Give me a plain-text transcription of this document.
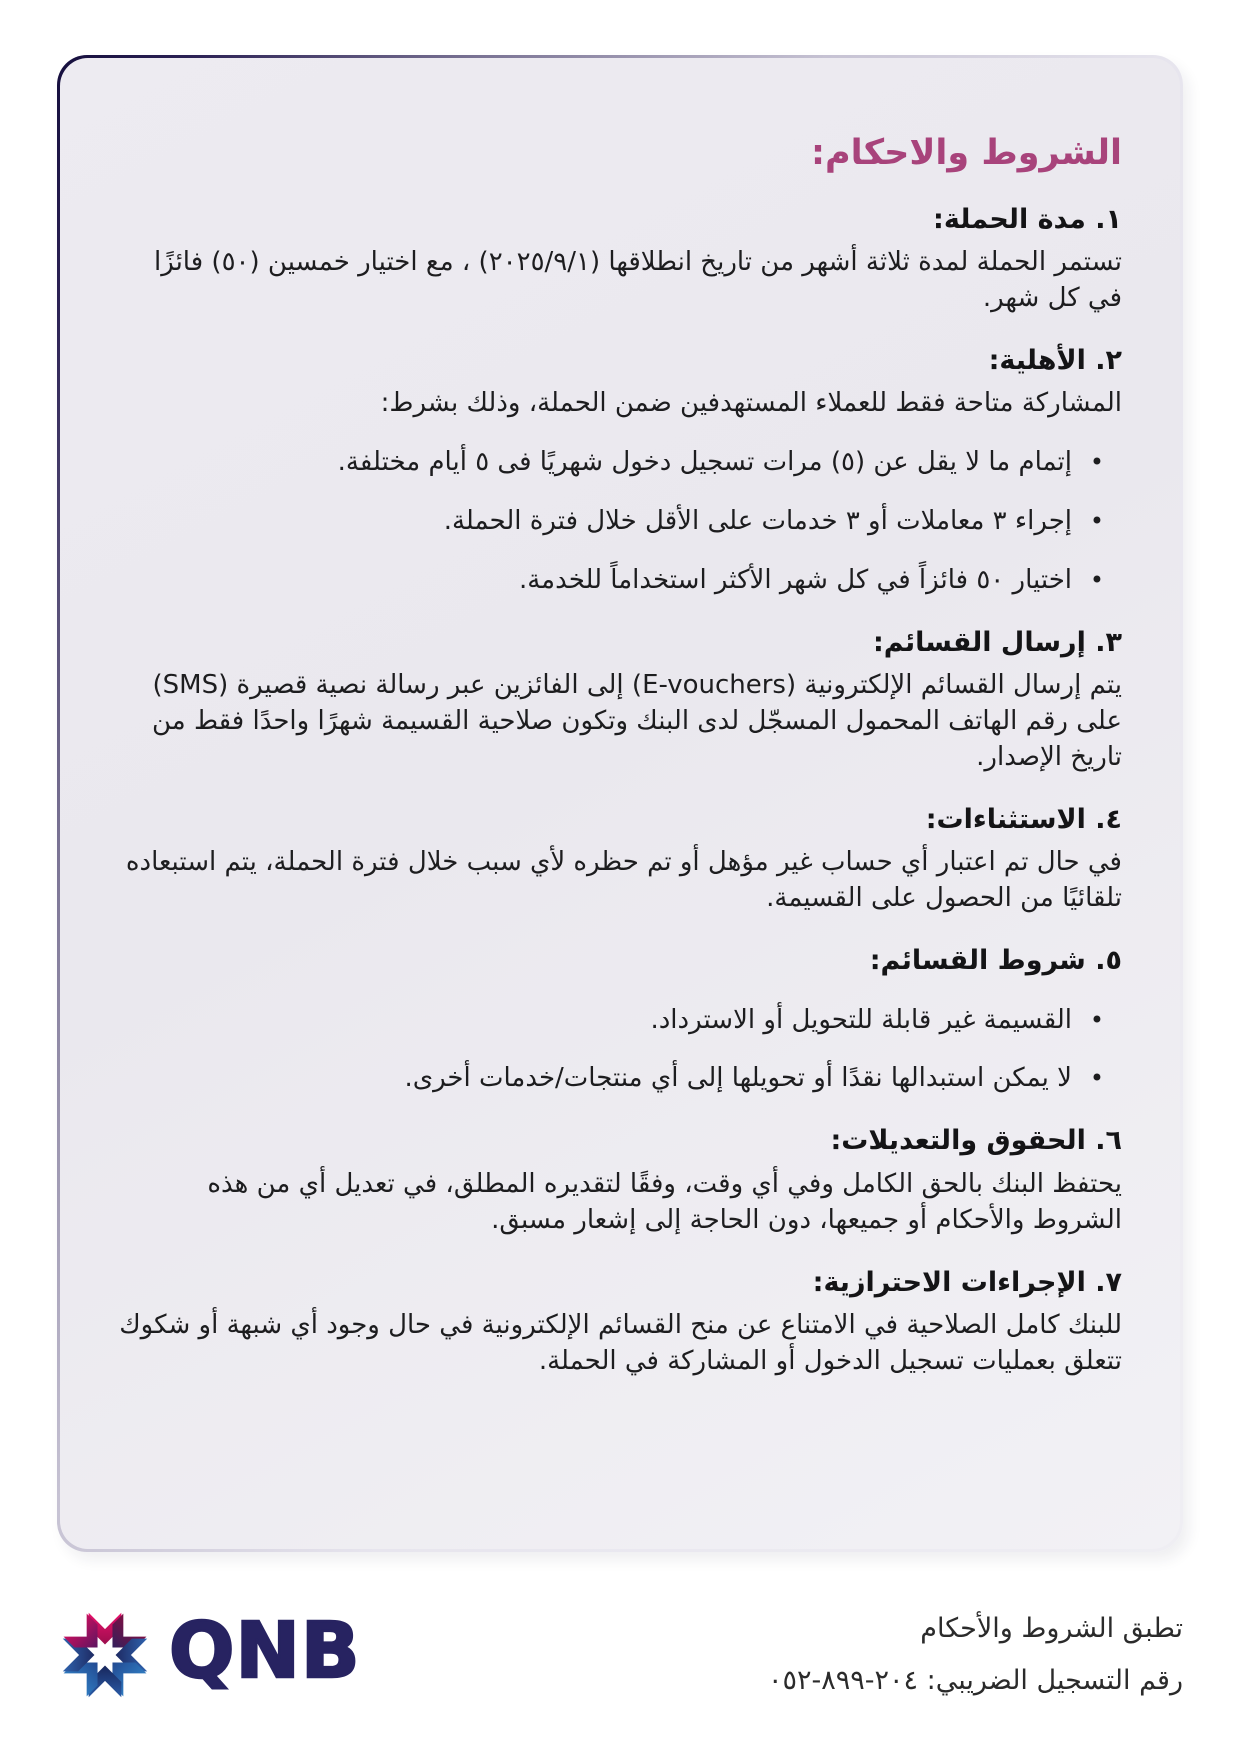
الشروط والاحكام:
١. مدة الحملة:

تستمر الحملة لمدة ثلاثة أشهر من تاريخ انطلاقها (٢٠٢٥/٩/١) ، مع اختيار خمسين (٥٠) فائزًا في كل شهر.

٢. الأهلية:

المشاركة متاحة فقط للعملاء المستهدفين ضمن الحملة، وذلك بشرط:

• إتمام ما لا يقل عن (٥) مرات تسجيل دخول شهريًا فى ٥ أيام مختلفة.
• إجراء ٣ معاملات أو ٣ خدمات على الأقل خلال فترة الحملة.
• اختيار ٥٠ فائزاً في كل شهر الأكثر استخداماً للخدمة.
٣. إرسال القسائم:

يتم إرسال القسائم الإلكترونية (E-vouchers) إلى الفائزين عبر رسالة نصية قصيرة (SMS) على رقم الهاتف المحمول المسجّل لدى البنك وتكون صلاحية القسيمة شهرًا واحدًا فقط من تاريخ الإصدار.

٤. الاستثناءات:

في حال تم اعتبار أي حساب غير مؤهل أو تم حظره لأي سبب خلال فترة الحملة، يتم استبعاده تلقائيًا من الحصول على القسيمة.

٥. شروط القسائم:
• القسيمة غير قابلة للتحويل أو الاسترداد.
• لا يمكن استبدالها نقدًا أو تحويلها إلى أي منتجات/خدمات أخرى.
٦. الحقوق والتعديلات:

يحتفظ البنك بالحق الكامل وفي أي وقت، وفقًا لتقديره المطلق، في تعديل أي من هذه الشروط والأحكام أو جميعها، دون الحاجة إلى إشعار مسبق.

٧. الإجراءات الاحترازية:

للبنك كامل الصلاحية في الامتناع عن منح القسائم الإلكترونية في حال وجود أي شبهة أو شكوك تتعلق بعمليات تسجيل الدخول أو المشاركة في الحملة.

QNB	تطبق الشروط والأحكام
رقم التسجيل الضريبي: ٢٠٤-٨٩٩-٠٥٢
